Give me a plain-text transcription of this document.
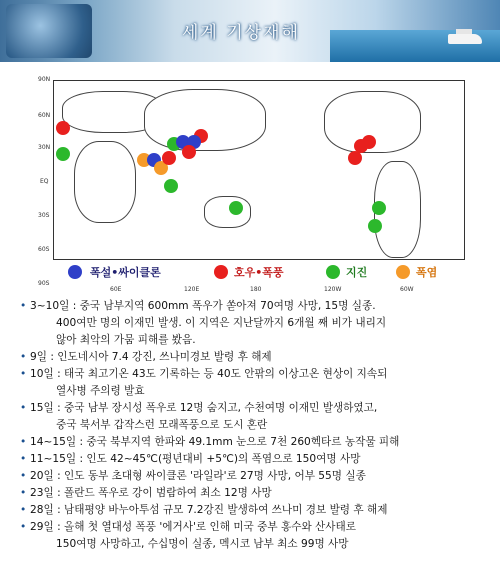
세계 기상재해
90N
60N
30N
EQ
30S
60S
90S
60E	120E	180	120W	60W
폭설•싸이클론	호우•폭풍	지진	폭염
• 3~10일 : 중국 남부지역 600mm 폭우가 쏟아져 70여명 사망, 15명 실종.
400여만 명의 이재민 발생. 이 지역은 지난달까지 6개월 째 비가 내리지
않아 최악의 가뭄 피해를 봤음.
• 9일 : 인도네시아 7.4 강진, 쓰나미경보 발령 후 해제
• 10일 : 태국 최고기온 43도 기록하는 등 40도 안팎의 이상고온 현상이 지속되
열사병 주의령 발효
• 15일 : 중국 남부 장시성 폭우로 12명 숨지고, 수천여명 이재민 발생하였고,
중국 북서부 갑작스런 모래폭풍으로 도시 혼란
• 14~15일 : 중국 북부지역 한파와 49.1mm 눈으로 7천 260헥타르 농작물 피해
• 11~15일 : 인도 42~45℃(평년대비 +5℃)의 폭염으로 150여명 사망
• 20일 : 인도 동부 초대형 싸이클론 '라일라'로 27명 사망, 어부 55명 실종
• 23일 : 폴란드 폭우로 강이 범람하여 최소 12명 사망
• 28일 : 남태평양 바누아투섬 규모 7.2강진 발생하여 쓰나미 경보 발령 후 해제
• 29일 : 올해 첫 열대성 폭풍 '에거사'로 인해 미국 중부 홍수와 산사태로
150여명 사망하고, 수십명이 실종, 멕시코 남부 최소 99명 사망
